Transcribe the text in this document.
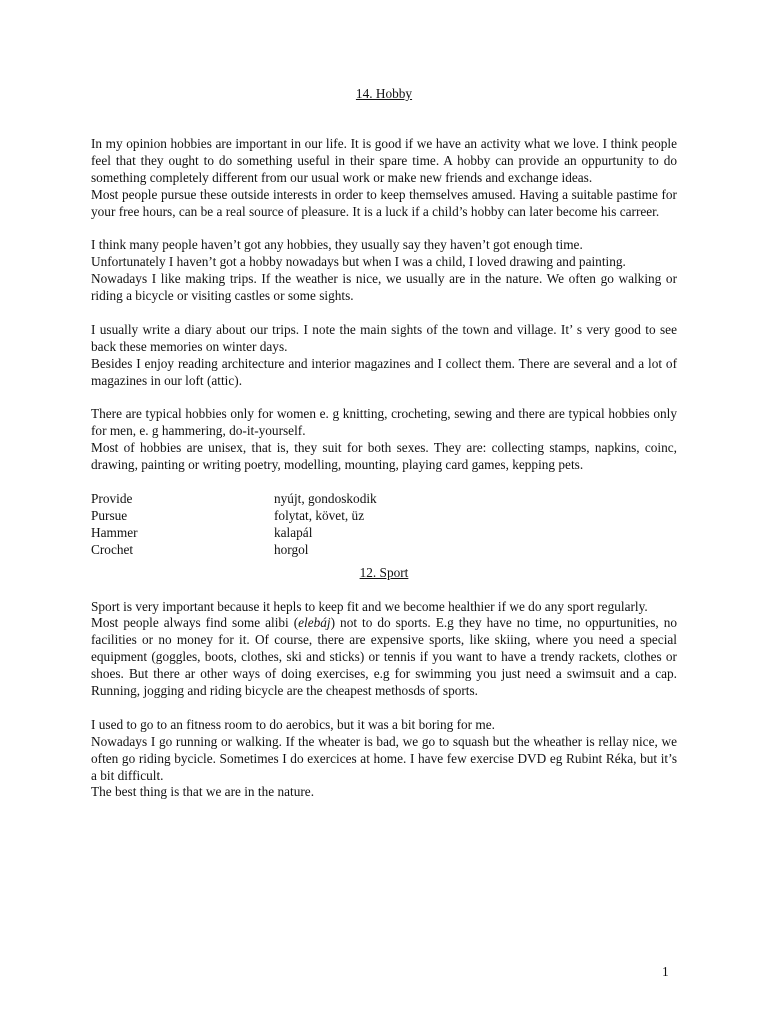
14. Hobby

In my opinion hobbies are important in our life. It is good if we have an activity what we love. I think people feel that they ought to do something useful in their spare time. A hobby can provide an oppurtunity to do something completely different from our usual work or make new friends and exchange ideas.

Most people pursue these outside interests in order to keep themselves amused. Having a suitable pastime for your free hours, can be a real source of pleasure. It is a luck if a child’s hobby can later become his carreer.

I think many people haven’t got any hobbies, they usually say they haven’t got enough time.

Unfortunately I haven’t got a hobby nowadays but when I was a child, I loved drawing and painting.

Nowadays I like making trips. If the weather is nice, we usually are in the nature. We often go walking or riding a bicycle or visiting castles or some sights.

I usually write a diary about our trips. I note the main sights of the town and village. It’ s very good to see back these memories on winter days.

Besides I enjoy reading architecture and interior magazines and I collect them. There are several and a lot of magazines in our loft (attic).

There are typical hobbies only for women e. g knitting, crocheting, sewing and there are typical hobbies only for men, e. g hammering, do-it-yourself.

Most of hobbies are unisex, that is, they suit for both sexes. They are: collecting stamps, napkins, coinc, drawing, painting or writing poetry, modelling, mounting, playing card games, kepping pets.

Provide	nyújt, gondoskodik
Pursue	folytat, követ, üz
Hammer	kalapál
Crochet	horgol
12. Sport

Sport is very important because it hepls to keep fit and we become healthier if we do any sport regularly.

Most people always find some alibi (elebáj) not to do sports. E.g they have no time, no oppurtunities, no facilities or no money for it. Of course, there are expensive sports, like skiing, where you need a special equipment (goggles, boots, clothes, ski and sticks) or tennis if you want to have a trendy rackets, clothes or shoes. But there ar other ways of doing exercises, e.g for swimming you just need a swimsuit and a cap. Running, jogging and riding bicycle are the cheapest methosds of sports.

I used to go to an fitness room to do aerobics, but it was a bit boring for me.

Nowadays I go running or walking. If the wheater is bad, we go to squash but the wheather is rellay nice, we often go riding bycicle. Sometimes I do exercices at home. I have few exercise DVD eg Rubint Réka, but it’s a bit difficult.

The best thing is that we are in the nature.

1
